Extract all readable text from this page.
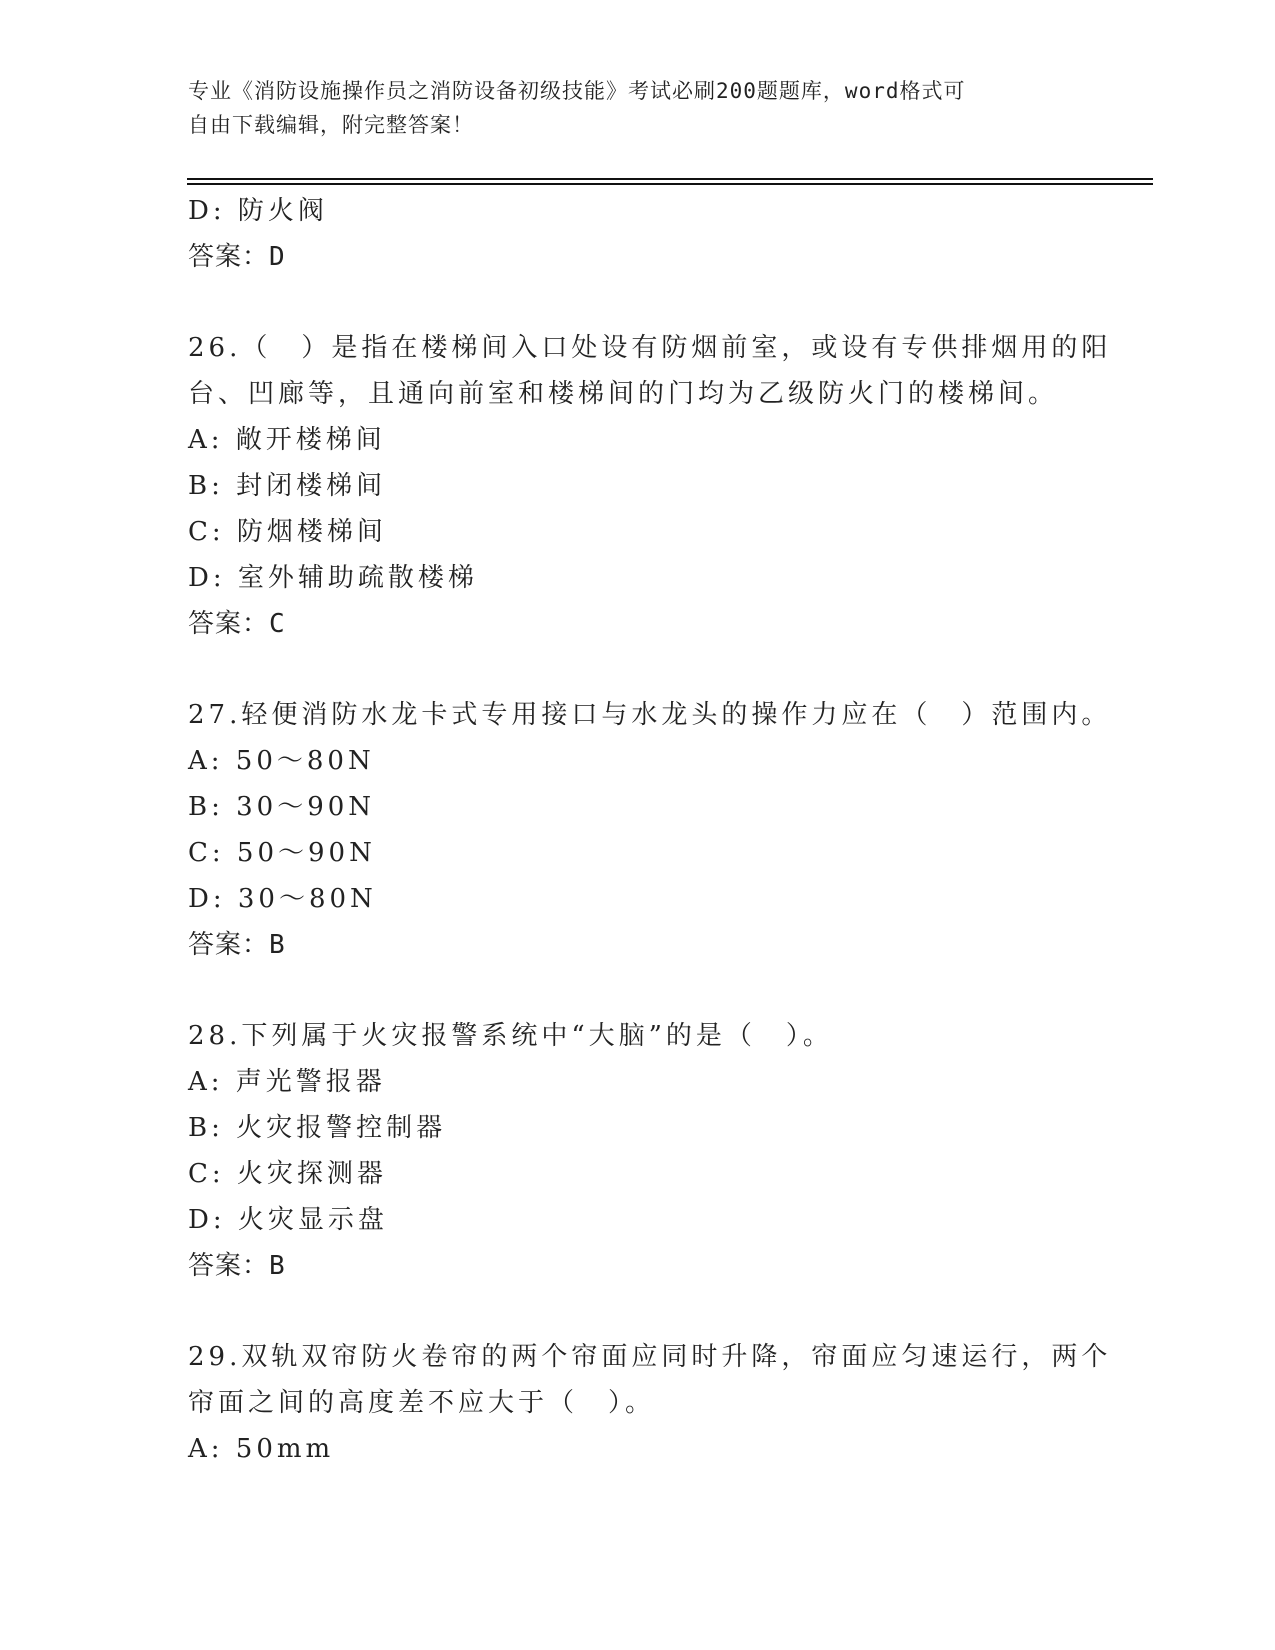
专业《消防设施操作员之消防设备初级技能》考试必刷200题题库，word格式可
自由下载编辑，附完整答案！
D: 防火阀
答案：D
26.（　）是指在楼梯间入口处设有防烟前室，或设有专供排烟用的阳
台、凹廊等，且通向前室和楼梯间的门均为乙级防火门的楼梯间。
A: 敞开楼梯间
B: 封闭楼梯间
C: 防烟楼梯间
D: 室外辅助疏散楼梯
答案：C
27.轻便消防水龙卡式专用接口与水龙头的操作力应在（　）范围内。
A: 50～80N
B: 30～90N
C: 50～90N
D: 30～80N
答案：B
28.下列属于火灾报警系统中“大脑”的是（　）。
A: 声光警报器
B: 火灾报警控制器
C: 火灾探测器
D: 火灾显示盘
答案：B
29.双轨双帘防火卷帘的两个帘面应同时升降，帘面应匀速运行，两个
帘面之间的高度差不应大于（　）。
A: 50mm
